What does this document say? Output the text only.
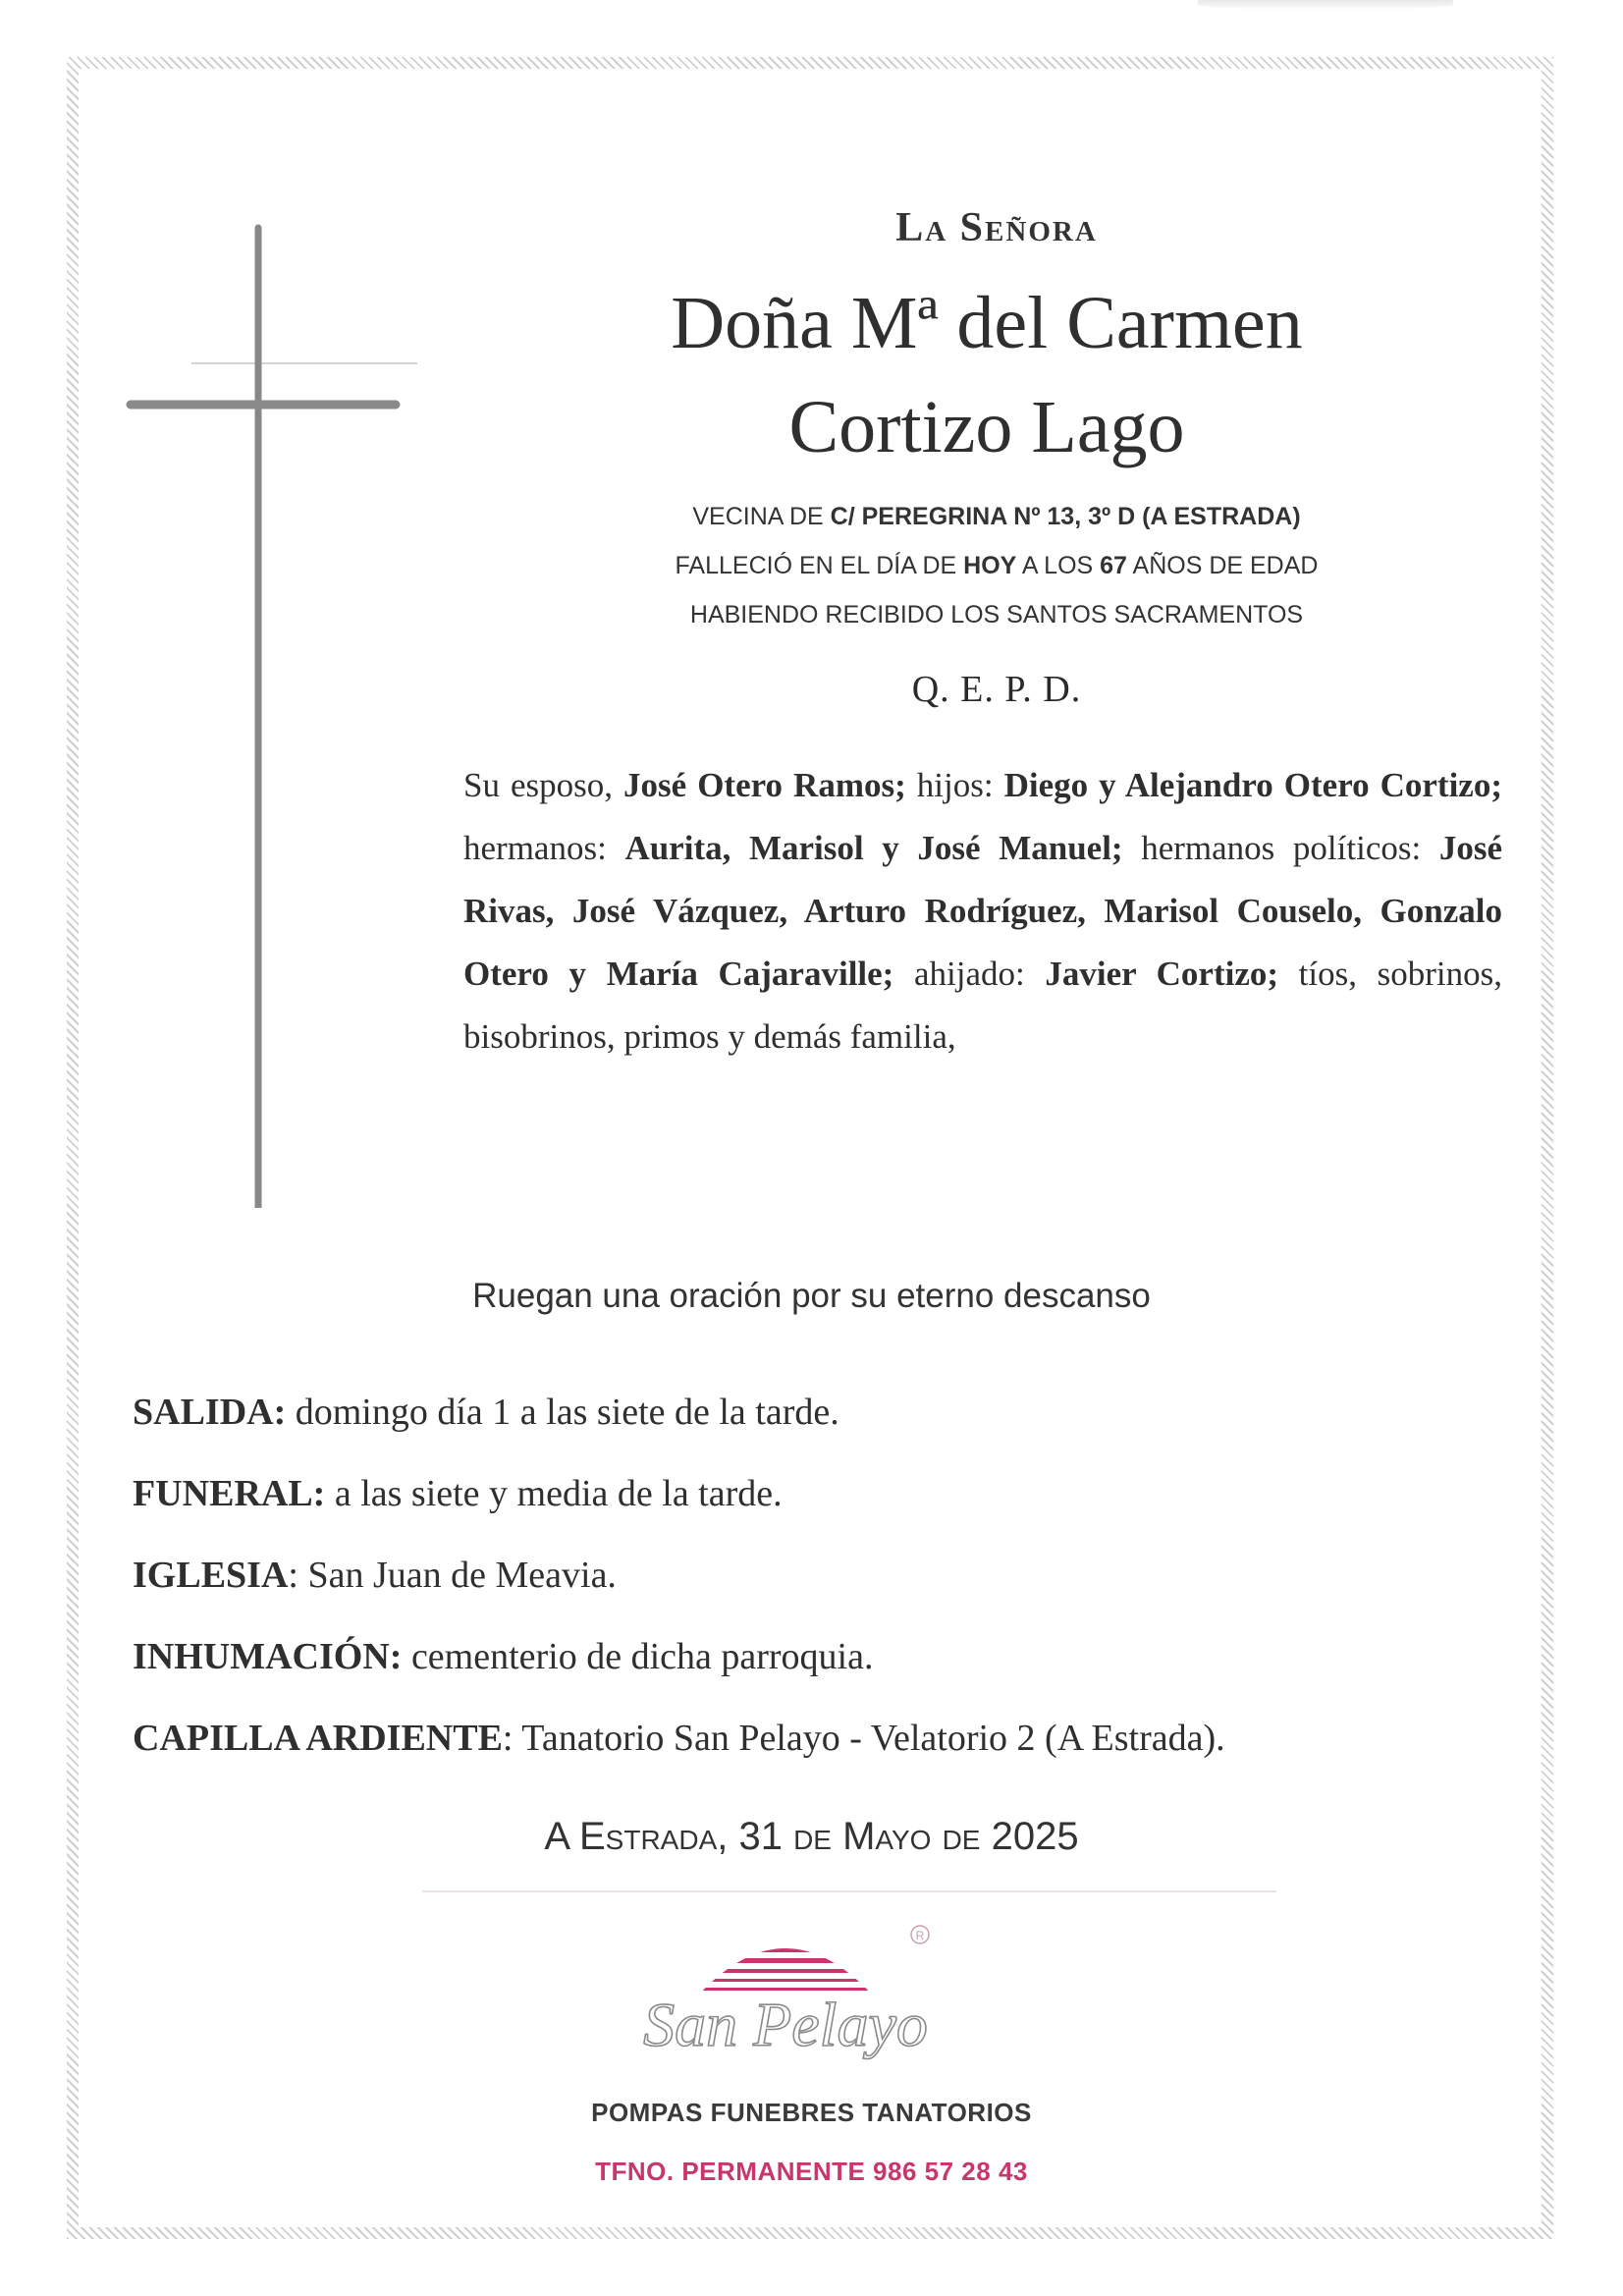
La Señora
Doña Mª del Carmen
Cortizo Lago
VECINA DE C/ PEREGRINA Nº 13, 3º D (A ESTRADA)
FALLECIÓ EN EL DÍA DE HOY A LOS 67 AÑOS DE EDAD
HABIENDO RECIBIDO LOS SANTOS SACRAMENTOS
Q. E. P. D.
Su esposo, José Otero Ramos; hijos: Diego y Alejandro Otero Cortizo; hermanos: Aurita, Marisol y José Manuel; hermanos políticos: José Rivas, José Vázquez, Arturo Rodríguez, Marisol Couselo, Gonzalo Otero y María Cajaraville; ahijado: Javier Cortizo; tíos, sobrinos, bisobrinos, primos y demás familia,
Ruegan una oración por su eterno descanso
SALIDA: domingo día 1 a las siete de la tarde.
FUNERAL: a las siete y media de la tarde.
IGLESIA: San Juan de Meavia.
INHUMACIÓN: cementerio de dicha parroquia.
CAPILLA ARDIENTE: Tanatorio San Pelayo - Velatorio 2 (A Estrada).
A Estrada, 31 de Mayo de 2025
R
San Pelayo
POMPAS FUNEBRES TANATORIOS
TFNO. PERMANENTE 986 57 28 43
